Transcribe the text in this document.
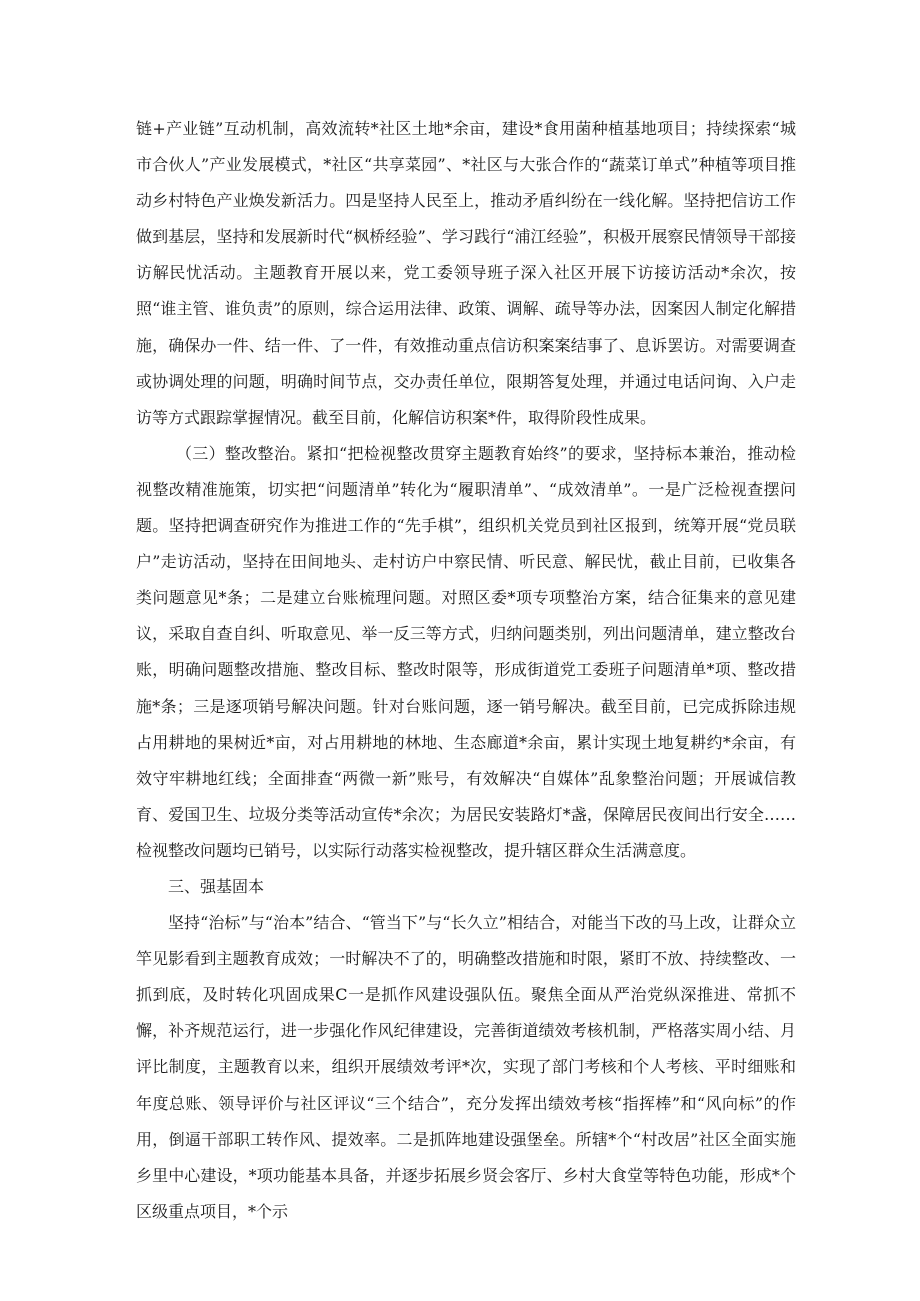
链+产业链”互动机制，高效流转*社区土地*余亩，建设*食用菌种植基地项目；持续探索“城市合伙人”产业发展模式，*社区“共享菜园”、*社区与大张合作的“蔬菜订单式”种植等项目推动乡村特色产业焕发新活力。四是坚持人民至上，推动矛盾纠纷在一线化解。坚持把信访工作做到基层，坚持和发展新时代“枫桥经验”、学习践行“浦江经验”，积极开展察民情领导干部接访解民忧活动。主题教育开展以来，党工委领导班子深入社区开展下访接访活动*余次，按照“谁主管、谁负责”的原则，综合运用法律、政策、调解、疏导等办法，因案因人制定化解措施，确保办一件、结一件、了一件，有效推动重点信访积案案结事了、息诉罢访。对需要调查或协调处理的问题，明确时间节点，交办责任单位，限期答复处理，并通过电话问询、入户走访等方式跟踪掌握情况。截至目前，化解信访积案*件，取得阶段性成果。

（三）整改整治。紧扣“把检视整改贯穿主题教育始终”的要求，坚持标本兼治，推动检视整改精准施策，切实把“问题清单”转化为“履职清单”、“成效清单”。一是广泛检视查摆问题。坚持把调查研究作为推进工作的“先手棋”，组织机关党员到社区报到，统筹开展“党员联户”走访活动，坚持在田间地头、走村访户中察民情、听民意、解民忧，截止目前，已收集各类问题意见*条；二是建立台账梳理问题。对照区委*项专项整治方案，结合征集来的意见建议，采取自查自纠、听取意见、举一反三等方式，归纳问题类别，列出问题清单，建立整改台账，明确问题整改措施、整改目标、整改时限等，形成街道党工委班子问题清单*项、整改措施*条；三是逐项销号解决问题。针对台账问题，逐一销号解决。截至目前，已完成拆除违规占用耕地的果树近*亩，对占用耕地的林地、生态廊道*余亩，累计实现土地复耕约*余亩，有效守牢耕地红线；全面排查“两微一新”账号，有效解决“自媒体”乱象整治问题；开展诚信教育、爱国卫生、垃圾分类等活动宣传*余次；为居民安装路灯*盏，保障居民夜间出行安全……检视整改问题均已销号，以实际行动落实检视整改，提升辖区群众生活满意度。

三、强基固本

坚持“治标”与“治本”结合、“管当下”与“长久立”相结合，对能当下改的马上改，让群众立竿见影看到主题教育成效；一时解决不了的，明确整改措施和时限，紧盯不放、持续整改、一抓到底，及时转化巩固成果C一是抓作风建设强队伍。聚焦全面从严治党纵深推进、常抓不懈，补齐规范运行，进一步强化作风纪律建设，完善街道绩效考核机制，严格落实周小结、月评比制度，主题教育以来，组织开展绩效考评*次，实现了部门考核和个人考核、平时细账和年度总账、领导评价与社区评议“三个结合”，充分发挥出绩效考核“指挥棒”和“风向标”的作用，倒逼干部职工转作风、提效率。二是抓阵地建设强堡垒。所辖*个“村改居”社区全面实施乡里中心建设，*项功能基本具备，并逐步拓展乡贤会客厅、乡村大食堂等特色功能，形成*个区级重点项目，*个示
